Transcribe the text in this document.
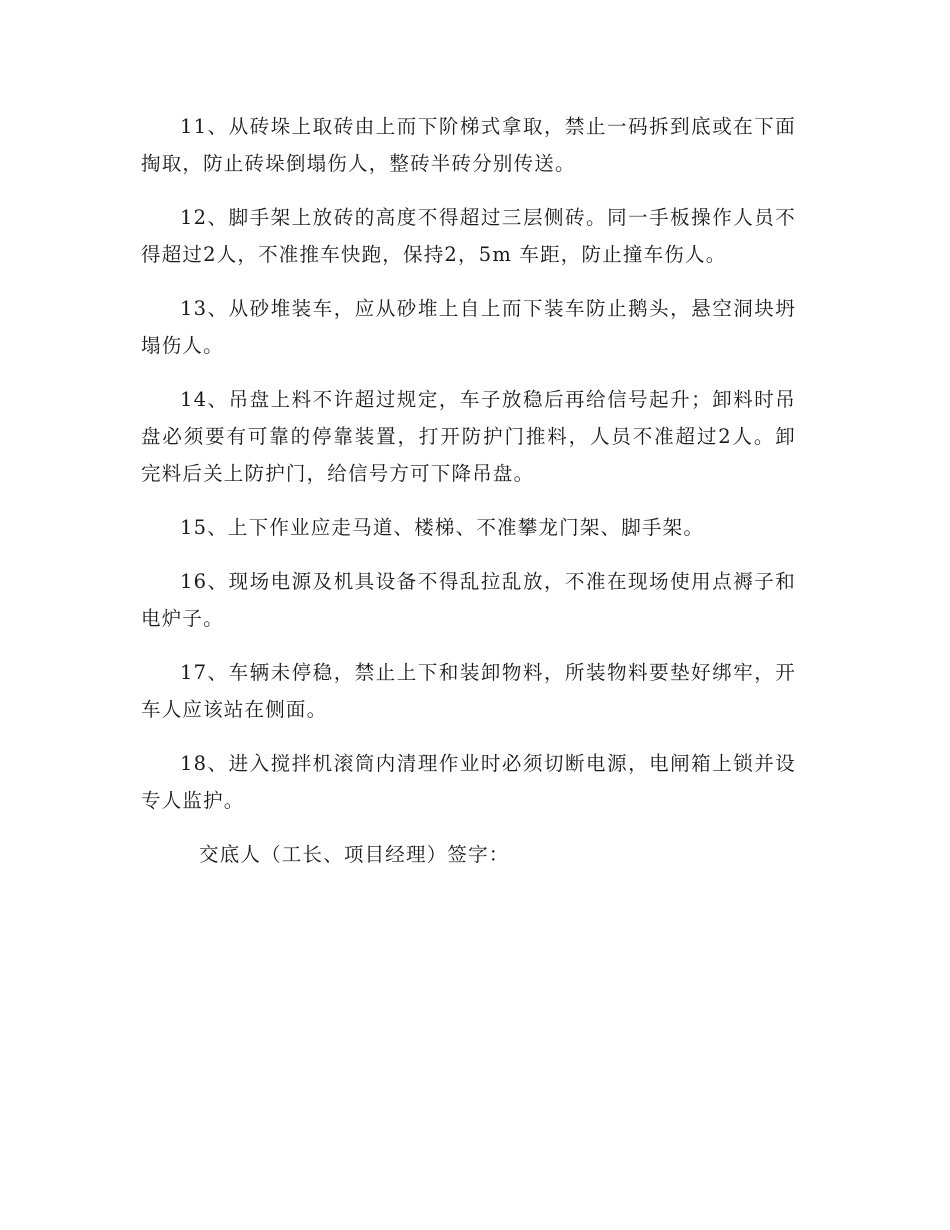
11、从砖垛上取砖由上而下阶梯式拿取，禁止一码拆到底或在下面掏取，防止砖垛倒塌伤人，整砖半砖分别传送。

12、脚手架上放砖的高度不得超过三层侧砖。同一手板操作人员不得超过2人，不准推车快跑，保持2，5m 车距，防止撞车伤人。

13、从砂堆装车，应从砂堆上自上而下装车防止鹅头，悬空洞块坍塌伤人。

14、吊盘上料不许超过规定，车子放稳后再给信号起升；卸料时吊盘必须要有可靠的停靠装置，打开防护门推料，人员不准超过2人。卸完料后关上防护门，给信号方可下降吊盘。

15、上下作业应走马道、楼梯、不准攀龙门架、脚手架。

16、现场电源及机具设备不得乱拉乱放，不准在现场使用点褥子和电炉子。

17、车辆未停稳，禁止上下和装卸物料，所装物料要垫好绑牢，开车人应该站在侧面。

18、进入搅拌机滚筒内清理作业时必须切断电源，电闸箱上锁并设专人监护。

交底人（工长、项目经理）签字：
